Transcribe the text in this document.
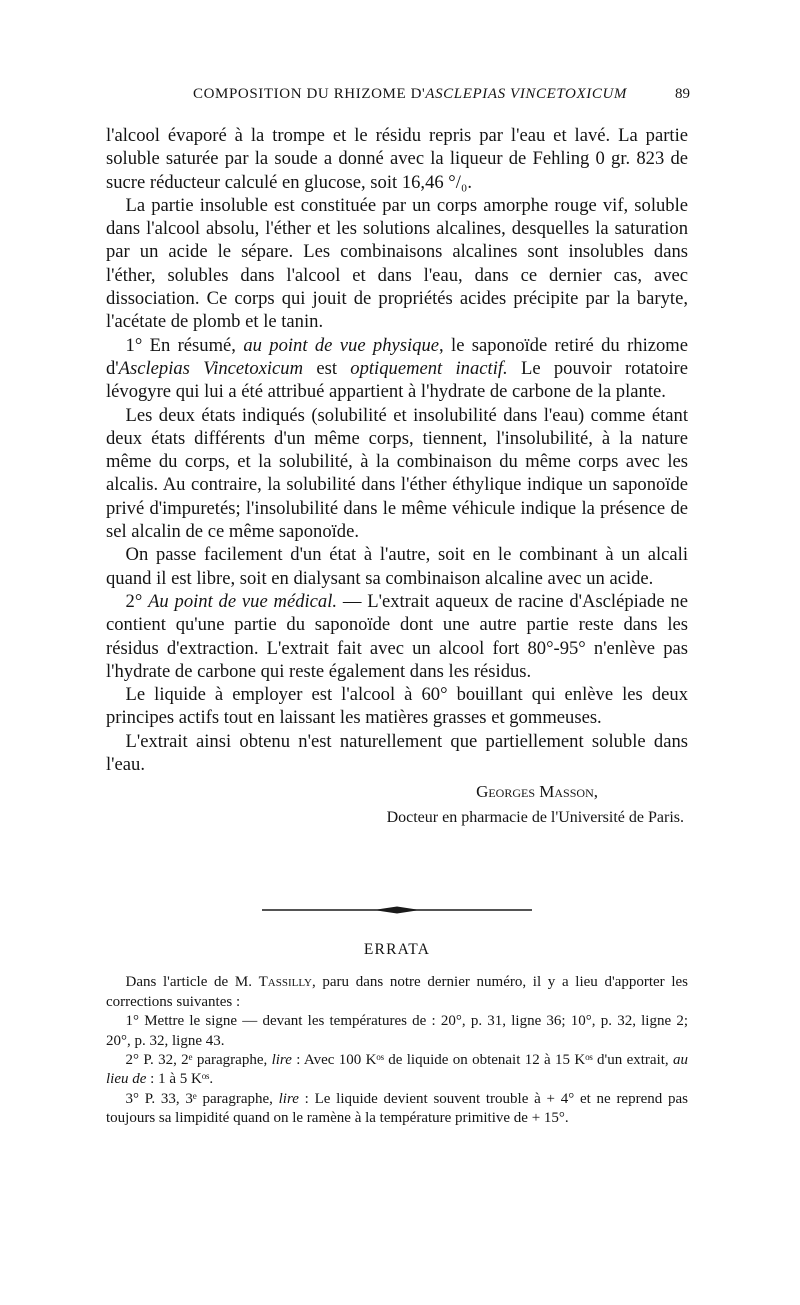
COMPOSITION DU RHIZOME D'ASCLEPIAS VINCETOXICUM	89

l'alcool évaporé à la trompe et le résidu repris par l'eau et lavé. La partie soluble saturée par la soude a donné avec la liqueur de Fehling 0 gr. 823 de sucre réducteur calculé en glucose, soit 16,46 °/₀.

La partie insoluble est constituée par un corps amorphe rouge vif, soluble dans l'alcool absolu, l'éther et les solutions alcalines, desquelles la saturation par un acide le sépare. Les combinaisons alcalines sont insolubles dans l'éther, solubles dans l'alcool et dans l'eau, dans ce dernier cas, avec dissociation. Ce corps qui jouit de propriétés acides précipite par la baryte, l'acétate de plomb et le tanin.

1° En résumé, au point de vue physique, le saponoïde retiré du rhizome d'Asclepias Vincetoxicum est optiquement inactif. Le pouvoir rotatoire lévogyre qui lui a été attribué appartient à l'hydrate de carbone de la plante.

Les deux états indiqués (solubilité et insolubilité dans l'eau) comme étant deux états différents d'un même corps, tiennent, l'insolubilité, à la nature même du corps, et la solubilité, à la combinaison du même corps avec les alcalis. Au contraire, la solubilité dans l'éther éthylique indique un saponoïde privé d'impuretés; l'insolubilité dans le même véhicule indique la présence de sel alcalin de ce même saponoïde.

On passe facilement d'un état à l'autre, soit en le combinant à un alcali quand il est libre, soit en dialysant sa combinaison alcaline avec un acide.

2° Au point de vue médical. — L'extrait aqueux de racine d'Asclépiade ne contient qu'une partie du saponoïde dont une autre partie reste dans les résidus d'extraction. L'extrait fait avec un alcool fort 80°-95° n'enlève pas l'hydrate de carbone qui reste également dans les résidus.

Le liquide à employer est l'alcool à 60° bouillant qui enlève les deux principes actifs tout en laissant les matières grasses et gommeuses.

L'extrait ainsi obtenu n'est naturellement que partiellement soluble dans l'eau.

Georges Masson,
Docteur en pharmacie de l'Université de Paris.
ERRATA

Dans l'article de M. Tassilly, paru dans notre dernier numéro, il y a lieu d'apporter les corrections suivantes :

1° Mettre le signe — devant les températures de : 20°, p. 31, ligne 36; 10°, p. 32, ligne 2; 20°, p. 32, ligne 43.

2° P. 32, 2ᵉ paragraphe, lire : Avec 100 Kᵒˢ de liquide on obtenait 12 à 15 Kᵒˢ d'un extrait, au lieu de : 1 à 5 Kᵒˢ.

3° P. 33, 3ᵉ paragraphe, lire : Le liquide devient souvent trouble à + 4° et ne reprend pas toujours sa limpidité quand on le ramène à la température primitive de + 15°.
